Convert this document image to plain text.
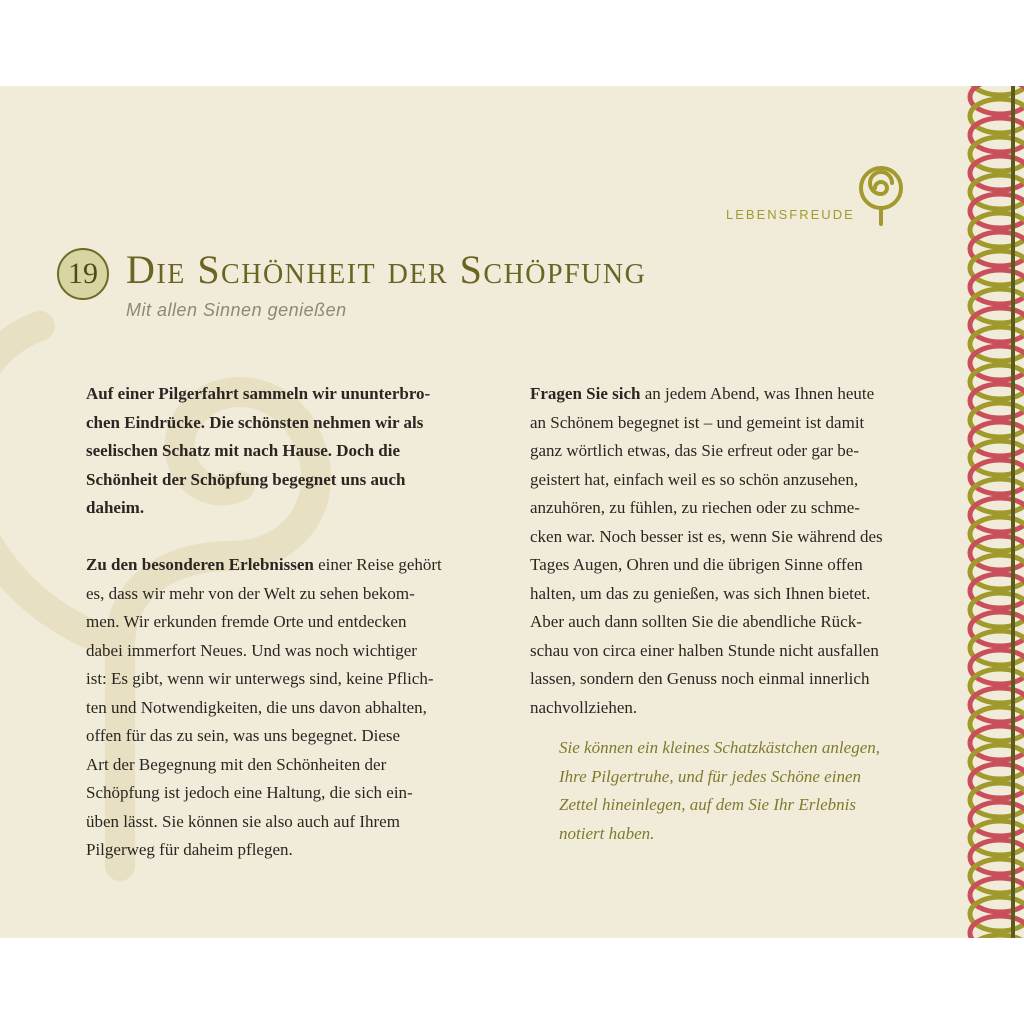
LEBENSFREUDE
19 Die Schönheit der Schöpfung
Mit allen Sinnen genießen

Auf einer Pilgerfahrt sammeln wir ununterbro-
chen Eindrücke. Die schönsten nehmen wir als
seelischen Schatz mit nach Hause. Doch die
Schönheit der Schöpfung begegnet uns auch
daheim.

Zu den besonderen Erlebnissen einer Reise gehört
es, dass wir mehr von der Welt zu sehen bekom-
men. Wir erkunden fremde Orte und entdecken
dabei immerfort Neues. Und was noch wichtiger
ist: Es gibt, wenn wir unterwegs sind, keine Pflich-
ten und Notwendigkeiten, die uns davon abhalten,
offen für das zu sein, was uns begegnet. Diese
Art der Begegnung mit den Schönheiten der
Schöpfung ist jedoch eine Haltung, die sich ein-
üben lässt. Sie können sie also auch auf Ihrem
Pilgerweg für daheim pflegen.

Fragen Sie sich an jedem Abend, was Ihnen heute
an Schönem begegnet ist – und gemeint ist damit
ganz wörtlich etwas, das Sie erfreut oder gar be-
geistert hat, einfach weil es so schön anzusehen,
anzuhören, zu fühlen, zu riechen oder zu schme-
cken war. Noch besser ist es, wenn Sie während des
Tages Augen, Ohren und die übrigen Sinne offen
halten, um das zu genießen, was sich Ihnen bietet.
Aber auch dann sollten Sie die abendliche Rück-
schau von circa einer halben Stunde nicht ausfallen
lassen, sondern den Genuss noch einmal innerlich
nachvollziehen.

Sie können ein kleines Schatzkästchen anlegen,
Ihre Pilgertruhe, und für jedes Schöne einen
Zettel hineinlegen, auf dem Sie Ihr Erlebnis
notiert haben.
